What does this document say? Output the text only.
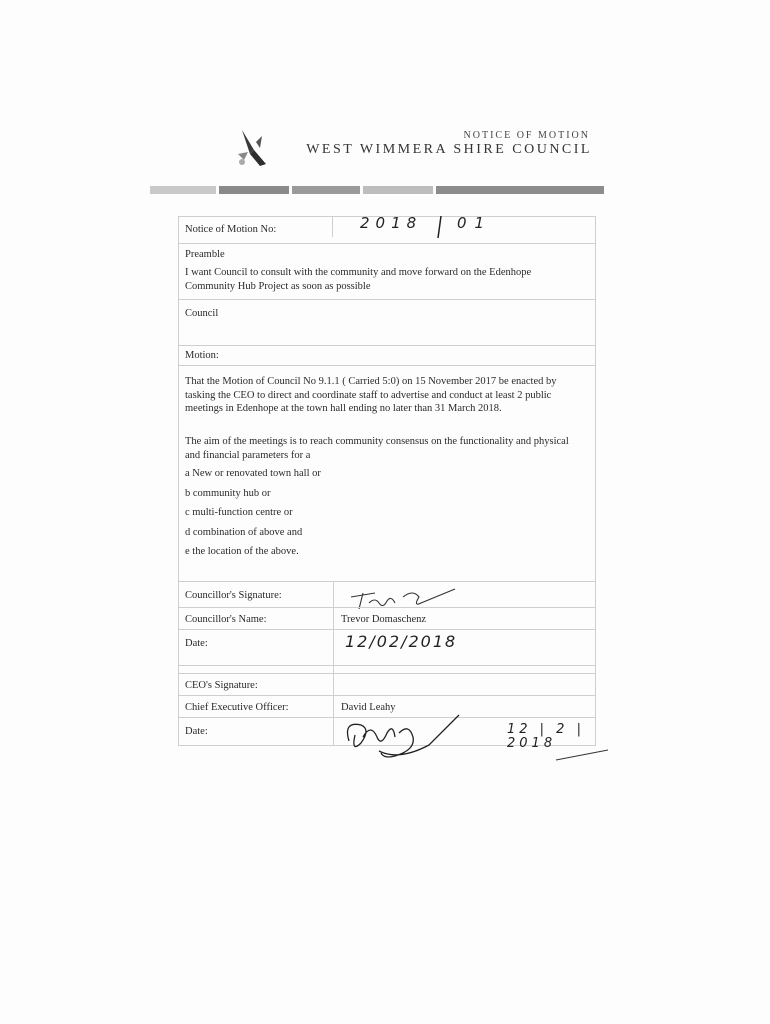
NOTICE OF MOTION
WEST WIMMERA SHIRE COUNCIL
Notice of Motion No:	2018	01
Preamble
I want Council to consult with the community and move forward on the Edenhope Community Hub Project as soon as possible
Council
Motion:
That the Motion of Council No 9.1.1 ( Carried 5:0) on 15 November 2017 be enacted by tasking the CEO to direct and coordinate staff to advertise and conduct at least 2 public meetings in Edenhope at the town hall ending no later than 31 March 2018.
The aim of the meetings is to reach community consensus on the functionality and physical and financial parameters for a
a New or renovated town hall or
b community hub or
c multi-function centre or
d combination of above and
e the location of the above.
Councillor's Signature:
Councillor's Name:	Trevor Domaschenz
Date:	12/02/2018
CEO's Signature:
Chief Executive Officer:	David Leahy
Date:	12 | 2 | 2018
